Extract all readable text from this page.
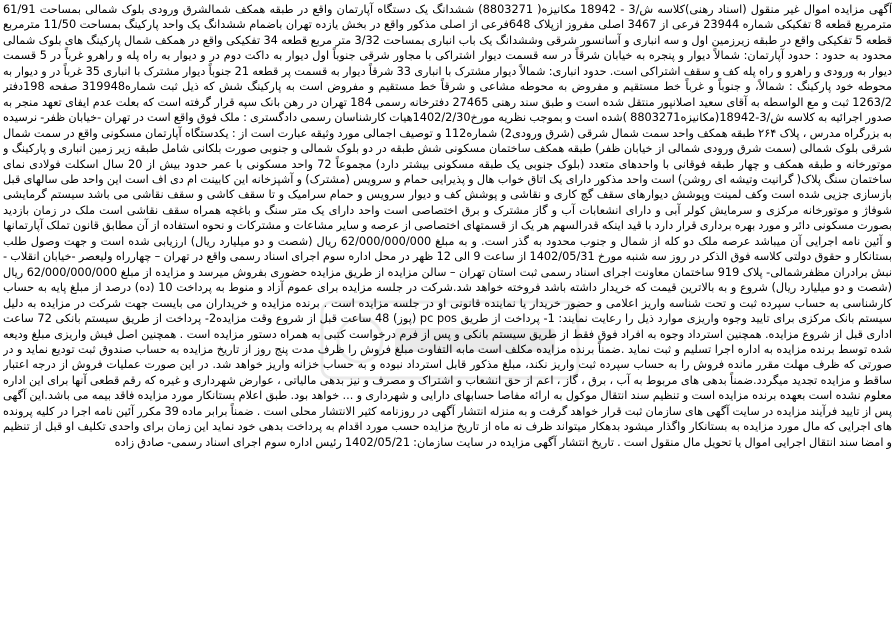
آگهی مزایده اموال غیر منقول (اسناد رهنی)کلاسه ش/3 - 18942 مکانیزه( 8803271) ششدانگ یک دستگاه آپارتمان واقع در طبقه همکف شمالشرق ورودی بلوک شمالی بمساحت 61/91 مترمربع قطعه 8 تفکیکی شماره 23944 فرعی از 3467 اصلی مفروز ازپلاک 648فرعی از اصلی مذکور واقع در بخش یازده تهران باضمام ششدانگ یک واحد پارکینگ بمساحت 11/50 مترمربع قطعه 5 تفکیکی واقع در طبقه زیرزمین اول و سه انباری و آسانسور شرقی وششدانگ یک باب انباری بمساحت 3/32 متر مربع قطعه 34 تفکیکی واقع در همکف شمال پارکینگ های بلوک شمالی محدود به حدود : حدود آپارتمان: شمالاً دیوار و پنجره به خیابان شرقاً در سه قسمت دیوار اشتراکی با مجاور شرقی جنوباً اول دیوار به داکت دوم در و دیوار به راه پله و راهرو غرباً در 5 قسمت دیوار به ورودی و راهرو و راه پله کف و سقف اشتراکی است. حدود انباری: شمالاً دیوار مشترک با انباری 33 شرقاً دیوار به قسمت پر قطعه 21 جنوباً دیوار مشترک با انباری 35 غرباً در و دیوار به محوطه خود پارکینگ : شمالاً، و جنوباً و غرباً خط مستقیم و مفروض به محوطه مشاعی و شرقاً خط مستقیم و مفروض است به پارکینگ شش که ذیل ثبت شماره319948 صفحه 198دفتر 1263/2 ثبت و مع الواسطه به آقای سعید اصلانپور منتقل شده است و طبق سند رهنی 27465 دفترخانه رسمی 184 تهران در رهن بانک سپه قرار گرفته است که بعلت عدم ایفای تعهد منجر به صدور اجرائیه به کلاسه ش/3-18942(مکانیزه8803271 )شده است و بموجب نظریه مورخ1402/2/30هیات کارشناسان رسمی دادگستری : ملک فوق واقع است در تهران -خیابان ظفر- نرسیده به بزرگراه مدرس ، پلاک ۲۶۴ طبقه همکف واحد سمت شمال شرقی (شرق ورودی2) شماره112 و توصیف اجمالی مورد وثیقه عبارت است از : یکدستگاه آپارتمان مسکونی واقع در سمت شمال شرقی بلوک شمالی (سمت شرق ورودی شمالی از خیابان ظفر) طبقه همکف ساختمان مسکونی شش طبقه در دو بلوک شمالی و جنوبی صورت بلکانی شامل طبقه زیر زمین انباری و پارکینگ و موتورخانه و طبقه همکف و چهار طبقه فوقانی با واحدهای متعدد (بلوک جنوبی یک طبقه مسکونی بیشتر دارد) مجموعاً 72 واحد مسکونی با عمر حدود بیش از 20 سال اسکلت فولادی نمای ساختمان سنگ پلاک( گرانیت وتیشه ای روشن) است واحد مذکور دارای یک اتاق خواب هال و پذیرایی حمام و سرویس (مشترک) و آشپزخانه این کابینت ام دی اف است این واحد طی سالهای قبل بازسازی جزیی شده است وکف لمینت وپوشش دیوارهای سقف گچ کاری و نقاشی و پوشش کف و دیوار سرویس و حمام سرامیک و تا سقف کاشی و سقف نقاشی می باشد سیستم گرمایشی شوفاژ و موتورخانه مرکزی و سرمایش کولر آبی و دارای انشعابات آب و گاز مشترک و برق اختصاصی است واحد دارای یک متر سنگ و باغچه همراه سقف نقاشی است ملک در زمان بازدید بصورت مسکونی دائر و مورد بهره برداری قرار دارد با قید اینکه قدرالسهم هر یک از قسمتهای اختصاصی از عرصه و سایر مشاعات و مشترکات و نحوه استفاده از آن مطابق قانون تملک آپارتمانها و آئین نامه اجرایی آن میباشد عرصه ملک دو کله از شمال و جنوب محدود به گذر است. و به مبلغ 62/000/000/000 ریال (شصت و دو میلیارد ریال) ارزیابی شده است و جهت وصول طلب بستانکار و حقوق دولتی کلاسه فوق الذکر در روز سه شنبه مورخ 1402/05/31 از ساعت 9 الی 12 ظهر در محل اداره سوم اجرای اسناد رسمی واقع در تهران – چهارراه ولیعصر -خیابان انقلاب - نبش برادران مظفرشمالی- پلاک 919 ساختمان معاونت اجرای اسناد رسمی ثبت استان تهران – سالن مزایده از طریق مزایده حضوری بفروش میرسد و مزایده از مبلغ 62/000/000/000 ریال (شصت و دو میلیارد ریال) شروع و به بالاترین قیمت که خریدار داشته باشد فروخته خواهد شد.شرکت در جلسه مزایده برای عموم آزاد و منوط به پرداخت 10 (ده) درصد از مبلغ پایه به حساب کارشناسی به حساب سپرده ثبت و تحت شناسه واریز اعلامی و حضور خریدار یا نماینده قانونی او در جلسه مزایده است . برنده مزایده و خریداران می بایست جهت شرکت در مزایده به دلیل سیستم بانک مرکزی برای تایید وجوه واریزی موارد ذیل را رعایت نمایند: 1- پرداخت از طریق pc pos (پوز) 48 ساعت قبل از شروع وقت مزایده2- پرداخت از طریق سیستم بانکی 72 ساعت اداری قبل از شروع مزایده. همچنین استرداد وجوه به افراد فوق فقط از طریق سیستم بانکی و پس از فرم درخواست کتبی به همراه دستور مزایده است . همچنین اصل فیش واریزی مبلغ ودیعه شده توسط برنده مزایده به اداره اجرا تسلیم و ثبت نماید .ضمناً برنده مزایده مکلف است مابه التفاوت مبلغ فروش را ظرف مدت پنج روز از تاریخ مزایده به حساب صندوق ثبت تودیع نماید و در صورتی که ظرف مهلت مقرر مانده فروش را به حساب سپرده ثبت واریز نکند، مبلغ مذکور قابل استرداد نبوده و به حساب خزانه واریز خواهد شد. در این صورت عملیات فروش از درجه اعتبار ساقط و مزایده تجدید میگردد.ضمناً بدهی های مربوط به آب ، برق ، گاز ، اعم از حق انشعاب و اشتراک و مصرف و نیز بدهی مالیاتی ، عوارض شهرداری و غیره که رقم قطعی آنها برای این اداره معلوم نشده است بعهده برنده مزایده است و تنظیم سند انتقال موکول به ارائه مفاصا حسابهای دارایی و شهرداری و ... خواهد بود. طبق اعلام بستانکار مورد مزایده فاقد بیمه می باشد.این آگهی پس از تایید فرآیند مزایده در سایت آگهی های سازمان ثبت قرار خواهد گرفت و به منزله انتشار آگهی در روزنامه کثیر الانتشار محلی است . ضمناً برابر ماده 39 مکرر آئین نامه اجرا در کلیه پرونده های اجرایی که مال مورد مزایده به بستانکار واگذار میشود بدهکار میتواند ظرف نه ماه از تاریخ مزایده حسب مورد اقدام به پرداخت بدهی خود نماید این زمان برای واحدی تکلیف او قبل از تنظیم و امضا سند انتقال اجرایی اموال یا تحویل مال منقول است . تاریخ انتشار آگهی مزایده در سایت سازمان: 1402/05/21 رئیس اداره سوم اجرای اسناد رسمی- صادق زاده
